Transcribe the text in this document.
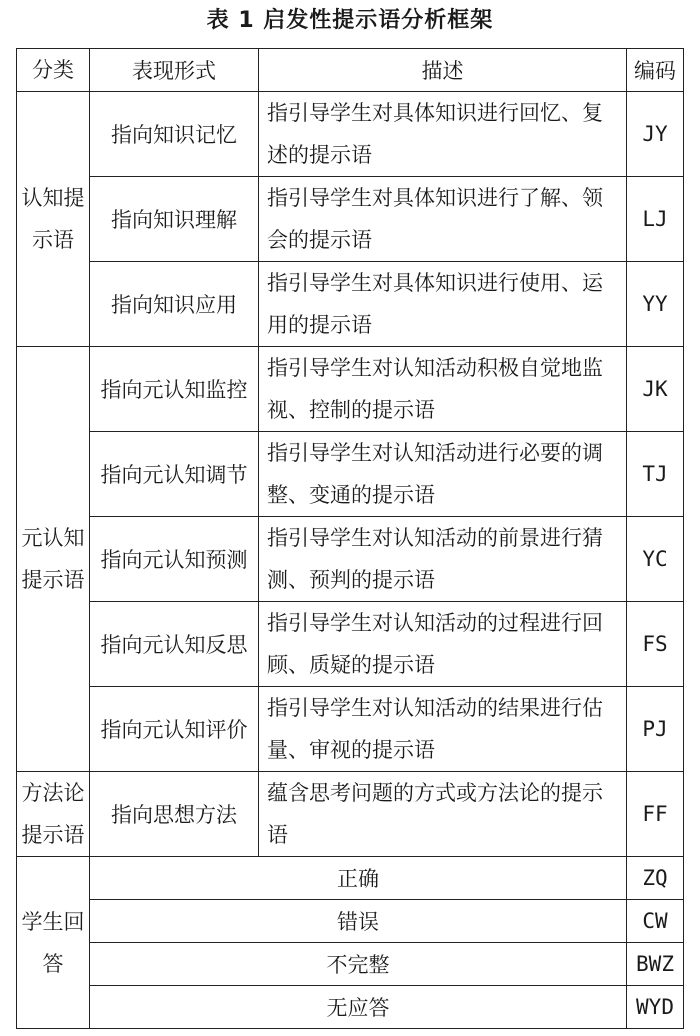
表 1 启发性提示语分析框架
分类	表现形式	描述	编码
认知提示语	指向知识记忆	指引导学生对具体知识进行回忆、复述的提示语	JY
	指向知识理解	指引导学生对具体知识进行了解、领会的提示语	LJ
	指向知识应用	指引导学生对具体知识进行使用、运用的提示语	YY
元认知提示语	指向元认知监控	指引导学生对认知活动积极自觉地监视、控制的提示语	JK
	指向元认知调节	指引导学生对认知活动进行必要的调整、变通的提示语	TJ
	指向元认知预测	指引导学生对认知活动的前景进行猜测、预判的提示语	YC
	指向元认知反思	指引导学生对认知活动的过程进行回顾、质疑的提示语	FS
	指向元认知评价	指引导学生对认知活动的结果进行估量、审视的提示语	PJ
方法论提示语	指向思想方法	蕴含思考问题的方式或方法论的提示语	FF
学生回答	正确		ZQ
	错误		CW
	不完整		BWZ
	无应答		WYD
